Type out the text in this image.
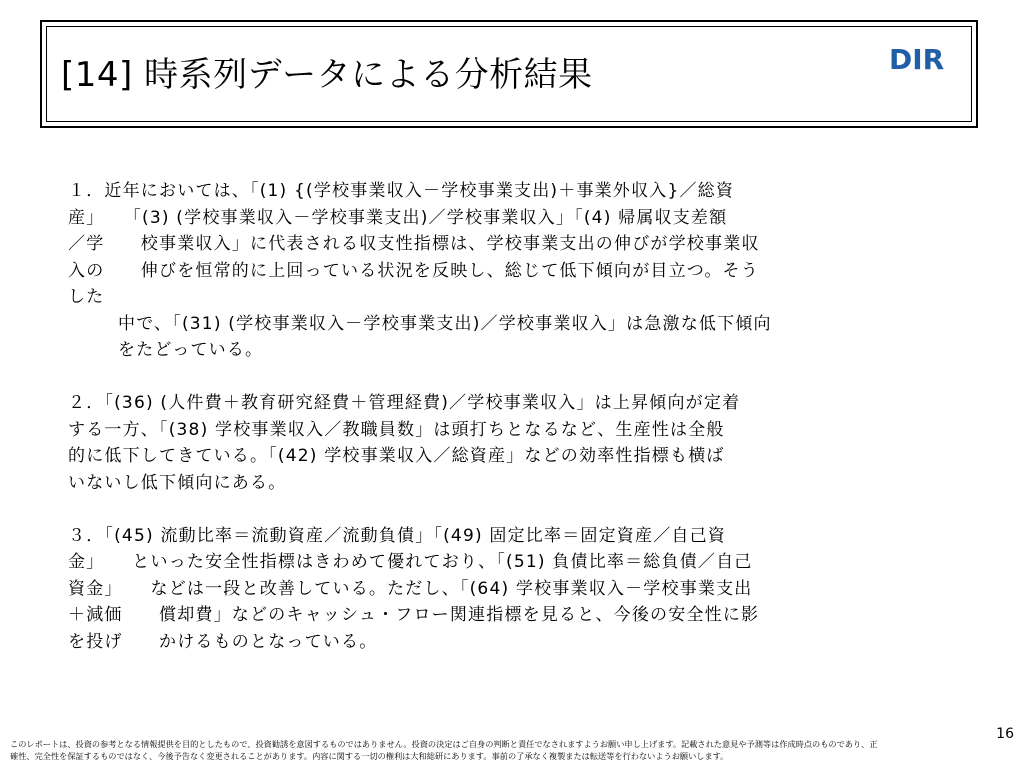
[14] 時系列データによる分析結果	DIR
１．近年においては、「(1) {(学校事業収入－学校事業支出)＋事業外収入}／総資
産」　　「(3) (学校事業収入－学校事業支出)／学校事業収入」「(4) 帰属収支差額
／学　　校事業収入」に代表される収支性指標は、学校事業支出の伸びが学校事業収
入の　　伸びを恒常的に上回っている状況を反映し、総じて低下傾向が目立つ。そう
した
中で、「(31) (学校事業収入－学校事業支出)／学校事業収入」は急激な低下傾向
をたどっている。
２．「(36) (人件費＋教育研究経費＋管理経費)／学校事業収入」は上昇傾向が定着
する一方、「(38) 学校事業収入／教職員数」は頭打ちとなるなど、生産性は全般
的に低下してきている。「(42) 学校事業収入／総資産」などの効率性指標も横ば
いないし低下傾向にある。
３．「(45) 流動比率＝流動資産／流動負債」「(49) 固定比率＝固定資産／自己資
金」　　といった安全性指標はきわめて優れており、「(51) 負債比率＝総負債／自己
資金」　　などは一段と改善している。ただし、「(64) 学校事業収入－学校事業支出
＋減価　　償却費」などのキャッシュ・フロー関連指標を見ると、今後の安全性に影
を投げ　　かけるものとなっている。
16
このレポートは、投資の参考となる情報提供を目的としたもので、投資勧誘を意図するものではありません。投資の決定はご自身の判断と責任でなされますようお願い申し上げます。記載された意見や予測等は作成時点のものであり、正
確性、完全性を保証するものではなく、今後予告なく変更されることがあります。内容に関する一切の権利は大和総研にあります。事前の了承なく複製または転送等を行わないようお願いします。
